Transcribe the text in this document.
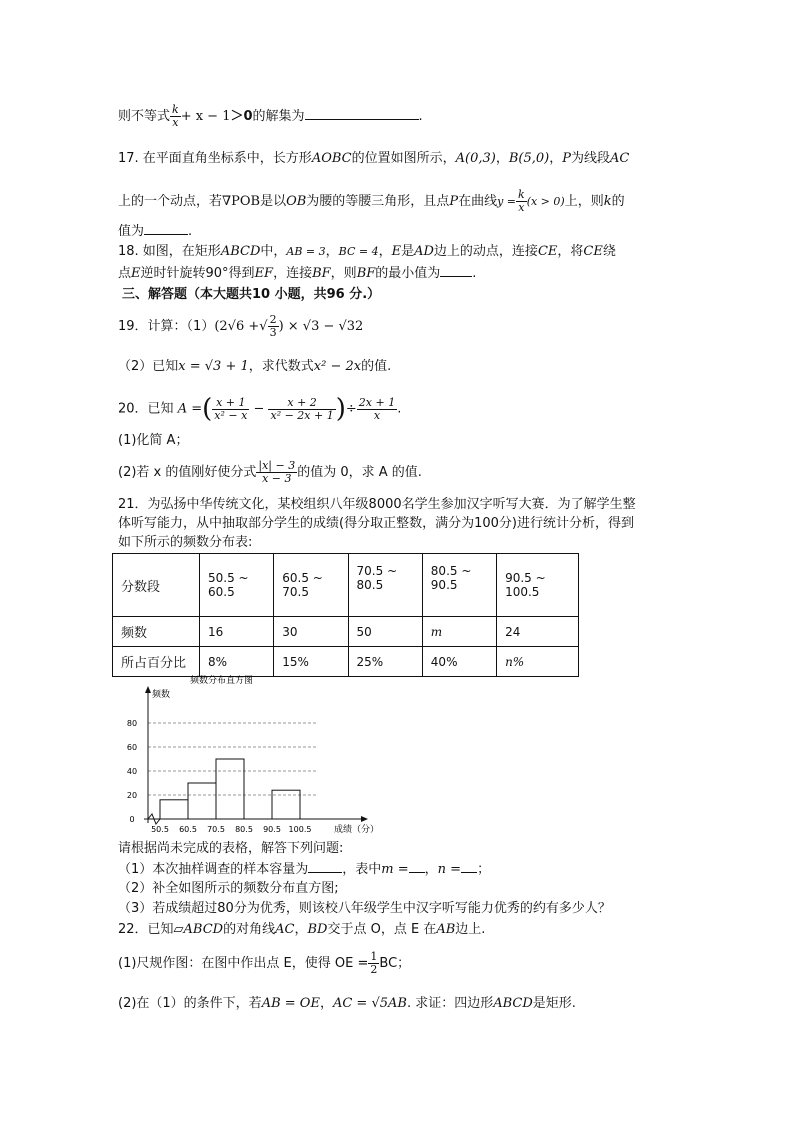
则不等式 $\frac{k}{x} + x - 1>0$的解集为	.
17. 在平面直角坐标系中，长方形AOBC的位置如图所示，A(0,3)，B(5,0)，P为线段AC
上的一个动点，若∇POB是以OB为腰的等腰三角形，且点P在曲线$y = \frac{k}{x} (x > 0)$上，则k的
值为	.
18. 如图，在矩形ABCD中，AB = 3，BC = 4，E是AD边上的动点，连接CE，将CE绕
点E逆时针旋转90°得到EF，连接BF，则BF的最小值为 .
三、解答题（本大题共10 小题，共96 分.）
19．计算：（1）(2√6 +√ $\frac{2}{3}$ ) × √3 − √32
（2）已知x = √3 + 1，求代数式x² − 2x的值.
20．已知 A =( $\frac{x + 1}{\text{x² − x}} - \frac{x + 2}{\text{x² − 2x + 1}}$ )÷ $\frac{2x + 1}{x}$ .
(1)化简 A；
(2)若 x 的值刚好使分式 $\frac{|x| - 3}{x - 3}$ 的值为 0，求 A 的值.
21．为弘扬中华传统文化，某校组织八年级8000名学生参加汉字听写大赛．为了解学生整
体听写能力，从中抽取部分学生的成绩(得分取正整数，满分为100分)进行统计分析，得到
如下所示的频数分布表:
分数段	50.5 ~ 60.5	60.5 ~ 70.5	70.5 ~ 80.5	80.5 ~ 90.5	90.5 ~ 100.5
频数	16	30	50	m	24
所占百分比	8%	15%	25%	40%	n%
频数分布直方图
频数
成绩（分）
0
20
40
60
80
50.5 60.5 70.5 80.5 90.5 100.5
请根据尚未完成的表格，解答下列问题:
（1）本次抽样调查的样本容量为	，表中m = ，n = ；
（2）补全如图所示的频数分布直方图;
（3）若成绩超过80分为优秀，则该校八年级学生中汉字听写能力优秀的约有多少人？
22．已知▱ABCD的对角线AC，BD交于点 O，点 E 在AB边上.
(1)尺规作图：在图中作出点 E，使得 OE = $\frac{1}{2}$ BC；
(2)在（1）的条件下，若AB = OE，AC = √5AB. 求证：四边形ABCD是矩形.
